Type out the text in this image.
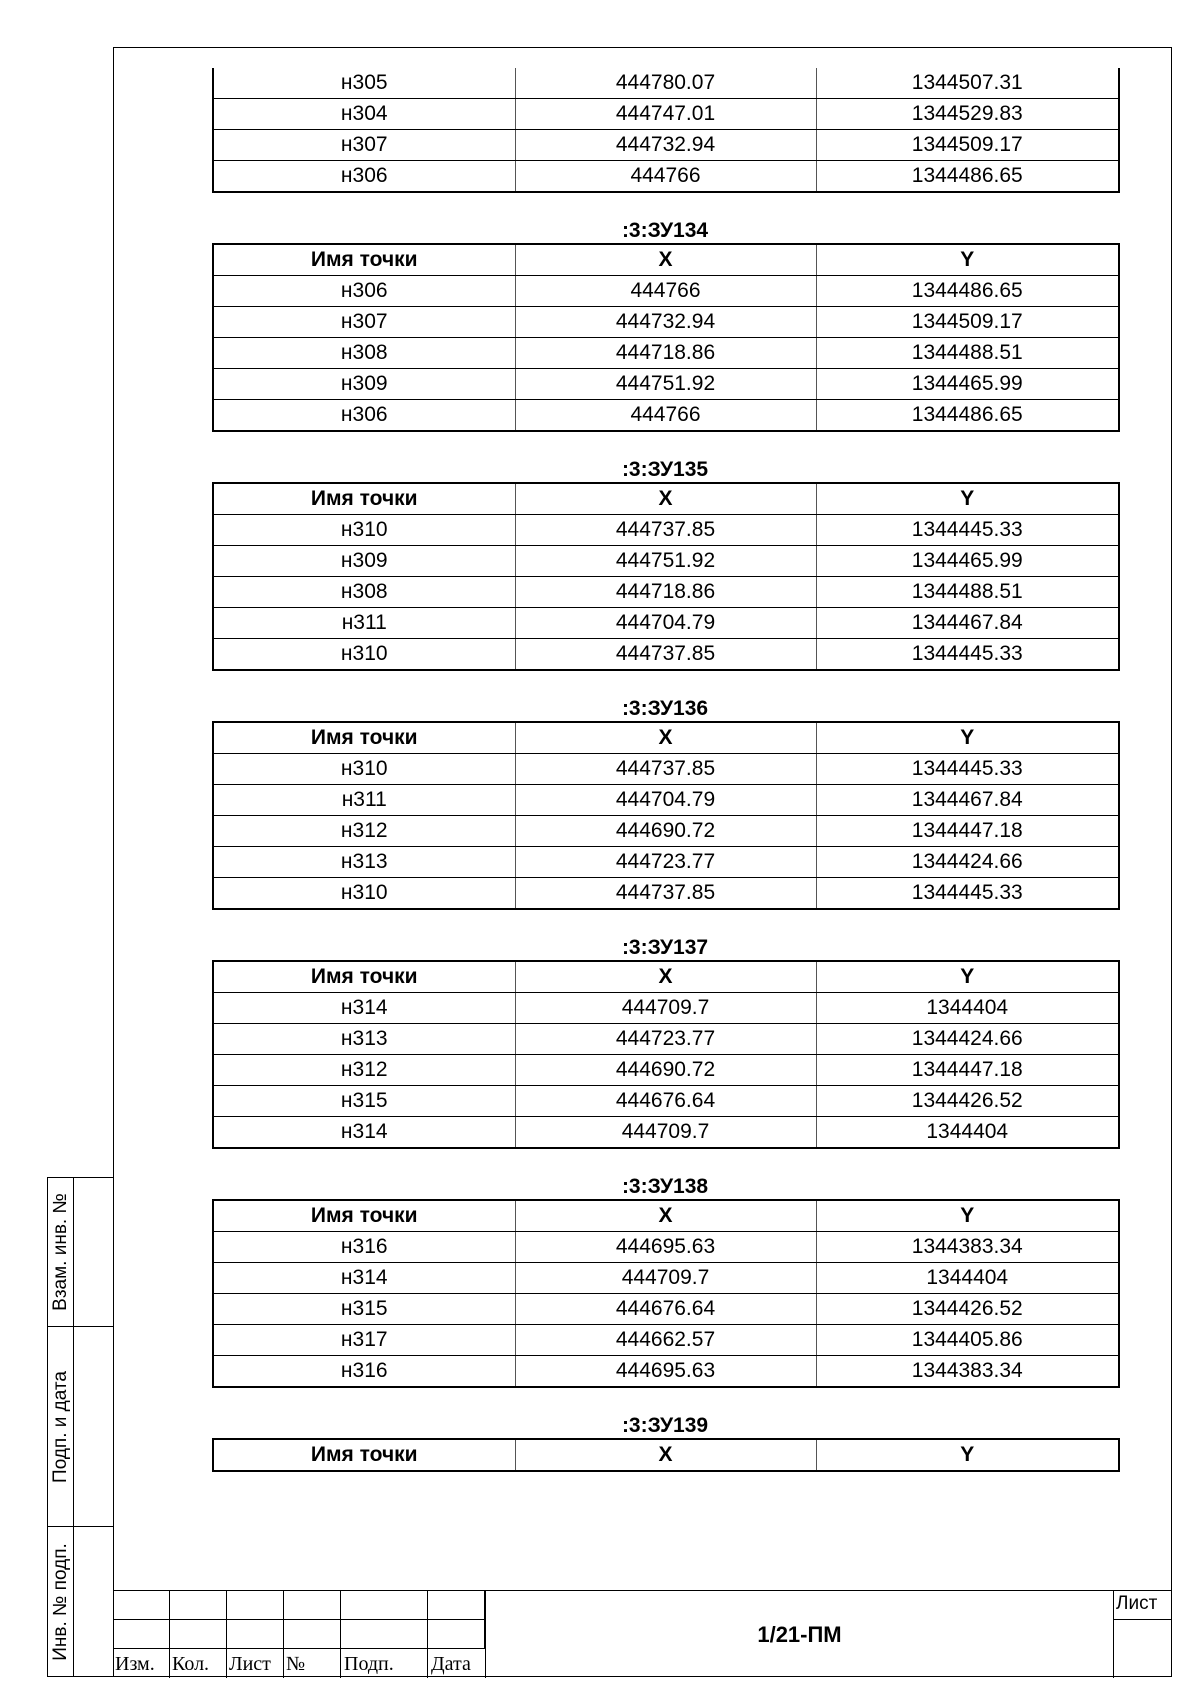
Взам. инв. №
Подп. и дата
Инв. № подп.
н305	444780.07	1344507.31
н304	444747.01	1344529.83
н307	444732.94	1344509.17
н306	444766	1344486.65
:3:ЗУ134
Имя точки	X	Y
н306	444766	1344486.65
н307	444732.94	1344509.17
н308	444718.86	1344488.51
н309	444751.92	1344465.99
н306	444766	1344486.65
:3:ЗУ135
Имя точки	X	Y
н310	444737.85	1344445.33
н309	444751.92	1344465.99
н308	444718.86	1344488.51
н311	444704.79	1344467.84
н310	444737.85	1344445.33
:3:ЗУ136
Имя точки	X	Y
н310	444737.85	1344445.33
н311	444704.79	1344467.84
н312	444690.72	1344447.18
н313	444723.77	1344424.66
н310	444737.85	1344445.33
:3:ЗУ137
Имя точки	X	Y
н314	444709.7	1344404
н313	444723.77	1344424.66
н312	444690.72	1344447.18
н315	444676.64	1344426.52
н314	444709.7	1344404
:3:ЗУ138
Имя точки	X	Y
н316	444695.63	1344383.34
н314	444709.7	1344404
н315	444676.64	1344426.52
н317	444662.57	1344405.86
н316	444695.63	1344383.34
:3:ЗУ139
Имя точки	X	Y
Изм. Кол. Лист № Подп. Дата
1/21-ПМ
Лист
